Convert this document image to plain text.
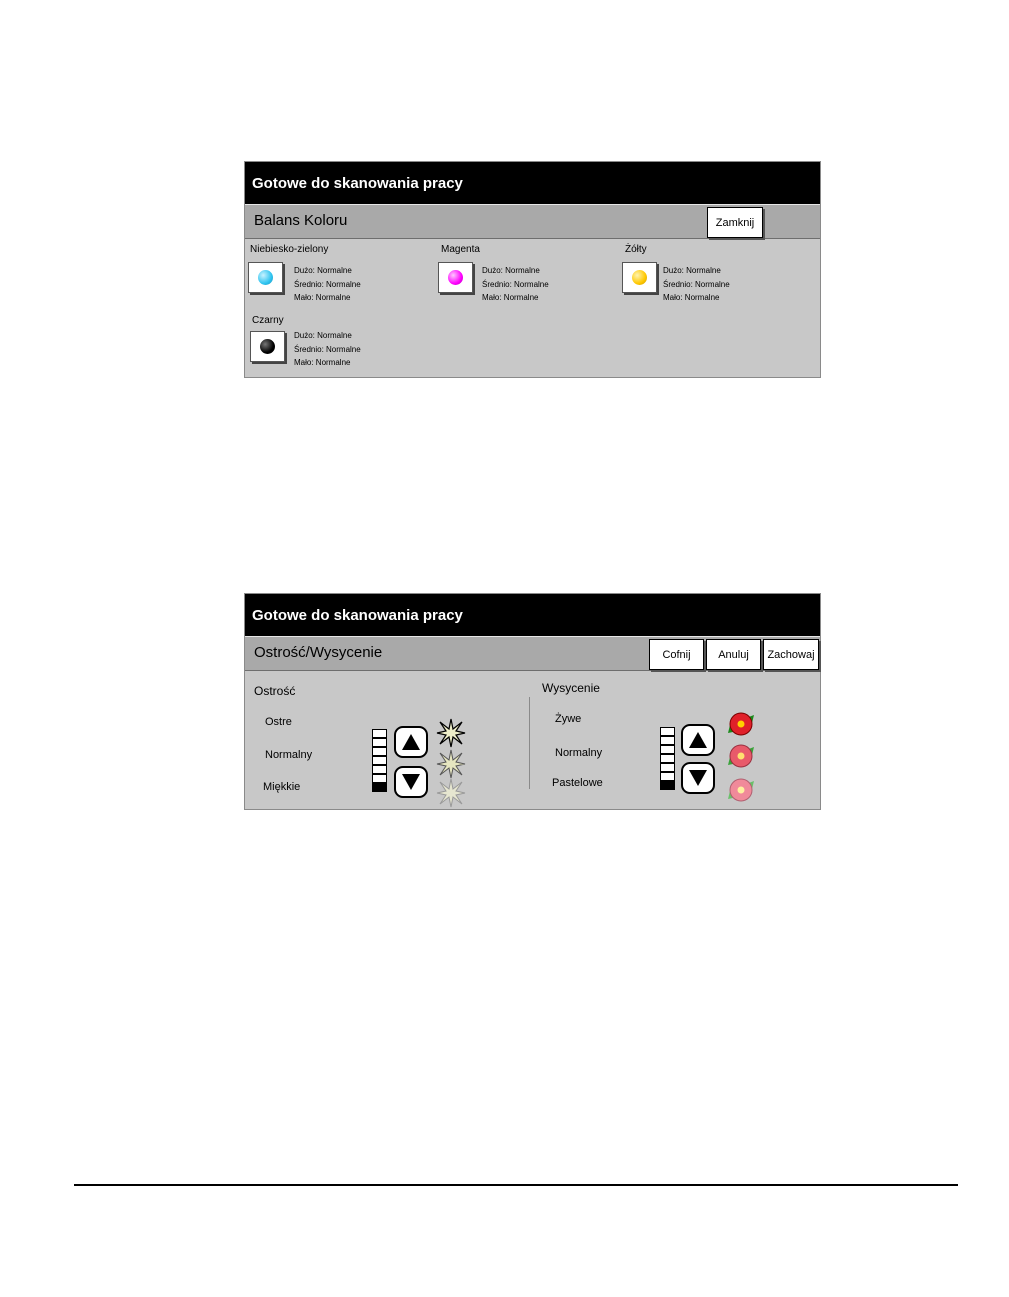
Gotowe do skanowania pracy
Balans Koloru	Zamknij
Niebiesko-zielony
Dużo: Normalne
Średnio: Normalne
Mało: Normalne
Magenta
Dużo: Normalne
Średnio: Normalne
Mało: Normalne
Żółty
Dużo: Normalne
Średnio: Normalne
Mało: Normalne
Czarny
Dużo: Normalne
Średnio: Normalne
Mało: Normalne
Gotowe do skanowania pracy
Ostrość/Wysycenie	Cofnij	Anuluj	Zachowaj
Ostrość
Ostre
Normalny
Miękkie
Wysycenie
Żywe
Normalny
Pastelowe
